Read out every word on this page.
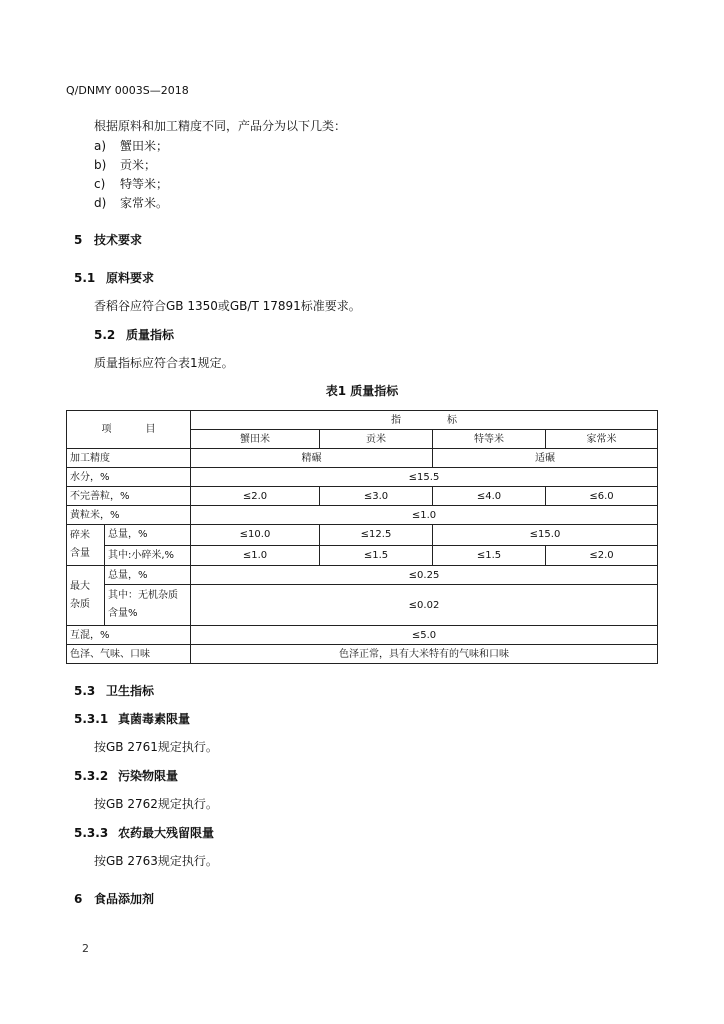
Q/DNMY 0003S—2018
根据原料和加工精度不同，产品分为以下几类：
a) 蟹田米；
b) 贡米；
c) 特等米；
d) 家常米。
5 技术要求
5.1 原料要求
香稻谷应符合GB 1350或GB/T 17891标准要求。
5.2 质量指标
质量指标应符合表1规定。
表1 质量指标
项 目		指 标			
		蟹田米	贡米	特等米	家常米
加工精度		精碾		适碾	
水分，%		≤15.5			
不完善粒，%		≤2.0	≤3.0	≤4.0	≤6.0
黄粒米，%		≤1.0			

碎米
含量	总量，%	≤10.0	≤12.5	≤15.0	
	其中:小碎米,%	≤1.0	≤1.5	≤1.5	≤2.0

最大
杂质	总量，%	≤0.25			

	其中：无机杂质
含量%	≤0.02			
互混，%		≤5.0			
色泽、气味、口味		色泽正常，具有大米特有的气味和口味			
5.3 卫生指标
5.3.1 真菌毒素限量
按GB 2761规定执行。
5.3.2 污染物限量
按GB 2762规定执行。
5.3.3 农药最大残留限量
按GB 2763规定执行。
6 食品添加剂
2
